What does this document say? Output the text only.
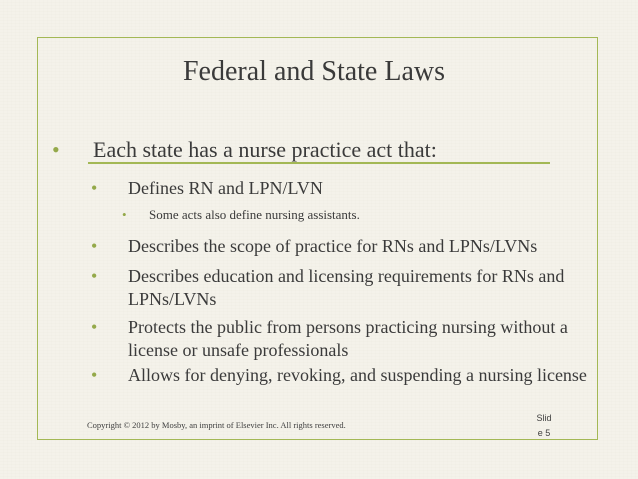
Federal and State Laws
• Each state has a nurse practice act that:
• Defines RN and LPN/LVN
• Some acts also define nursing assistants.
• Describes the scope of practice for RNs and LPNs/LVNs
• Describes education and licensing requirements for RNs and LPNs/LVNs
• Protects the public from persons practicing nursing without a license or unsafe professionals
• Allows for denying, revoking, and suspending a nursing license
Copyright © 2012 by Mosby, an imprint of Elsevier Inc. All rights reserved.
Slid
e 5
